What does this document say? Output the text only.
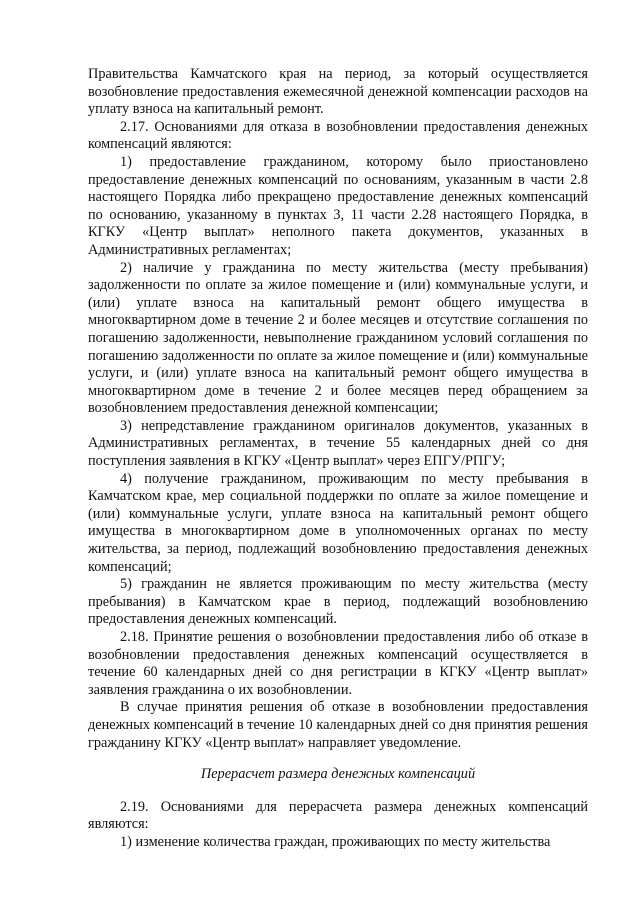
Правительства Камчатского края на период, за который осуществляется возобновление предоставления ежемесячной денежной компенсации расходов на уплату взноса на капитальный ремонт.

2.17. Основаниями для отказа в возобновлении предоставления денежных компенсаций являются:

1) предоставление гражданином, которому было приостановлено предоставление денежных компенсаций по основаниям, указанным в части 2.8 настоящего Порядка либо прекращено предоставление денежных компенсаций по основанию, указанному в пунктах 3, 11 части 2.28 настоящего Порядка, в КГКУ «Центр выплат» неполного пакета документов, указанных в Административных регламентах;

2) наличие у гражданина по месту жительства (месту пребывания) задолженности по оплате за жилое помещение и (или) коммунальные услуги, и (или) уплате взноса на капитальный ремонт общего имущества в многоквартирном доме в течение 2 и более месяцев и отсутствие соглашения по погашению задолженности, невыполнение гражданином условий соглашения по погашению задолженности по оплате за жилое помещение и (или) коммунальные услуги, и (или) уплате взноса на капитальный ремонт общего имущества в многоквартирном доме в течение 2 и более месяцев перед обращением за возобновлением предоставления денежной компенсации;

3) непредставление гражданином оригиналов документов, указанных в Административных регламентах, в течение 55 календарных дней со дня поступления заявления в КГКУ «Центр выплат» через ЕПГУ/РПГУ;

4) получение гражданином, проживающим по месту пребывания в Камчатском крае, мер социальной поддержки по оплате за жилое помещение и (или) коммунальные услуги, уплате взноса на капитальный ремонт общего имущества в многоквартирном доме в уполномоченных органах по месту жительства, за период, подлежащий возобновлению предоставления денежных компенсаций;

5) гражданин не является проживающим по месту жительства (месту пребывания) в Камчатском крае в период, подлежащий возобновлению предоставления денежных компенсаций.

2.18. Принятие решения о возобновлении предоставления либо об отказе в возобновлении предоставления денежных компенсаций осуществляется в течение 60 календарных дней со дня регистрации в КГКУ «Центр выплат» заявления гражданина о их возобновлении.

В случае принятия решения об отказе в возобновлении предоставления денежных компенсаций в течение 10 календарных дней со дня принятия решения гражданину КГКУ «Центр выплат» направляет уведомление.

Перерасчет размера денежных компенсаций

2.19. Основаниями для перерасчета размера денежных компенсаций являются:

1) изменение количества граждан, проживающих по месту жительства
